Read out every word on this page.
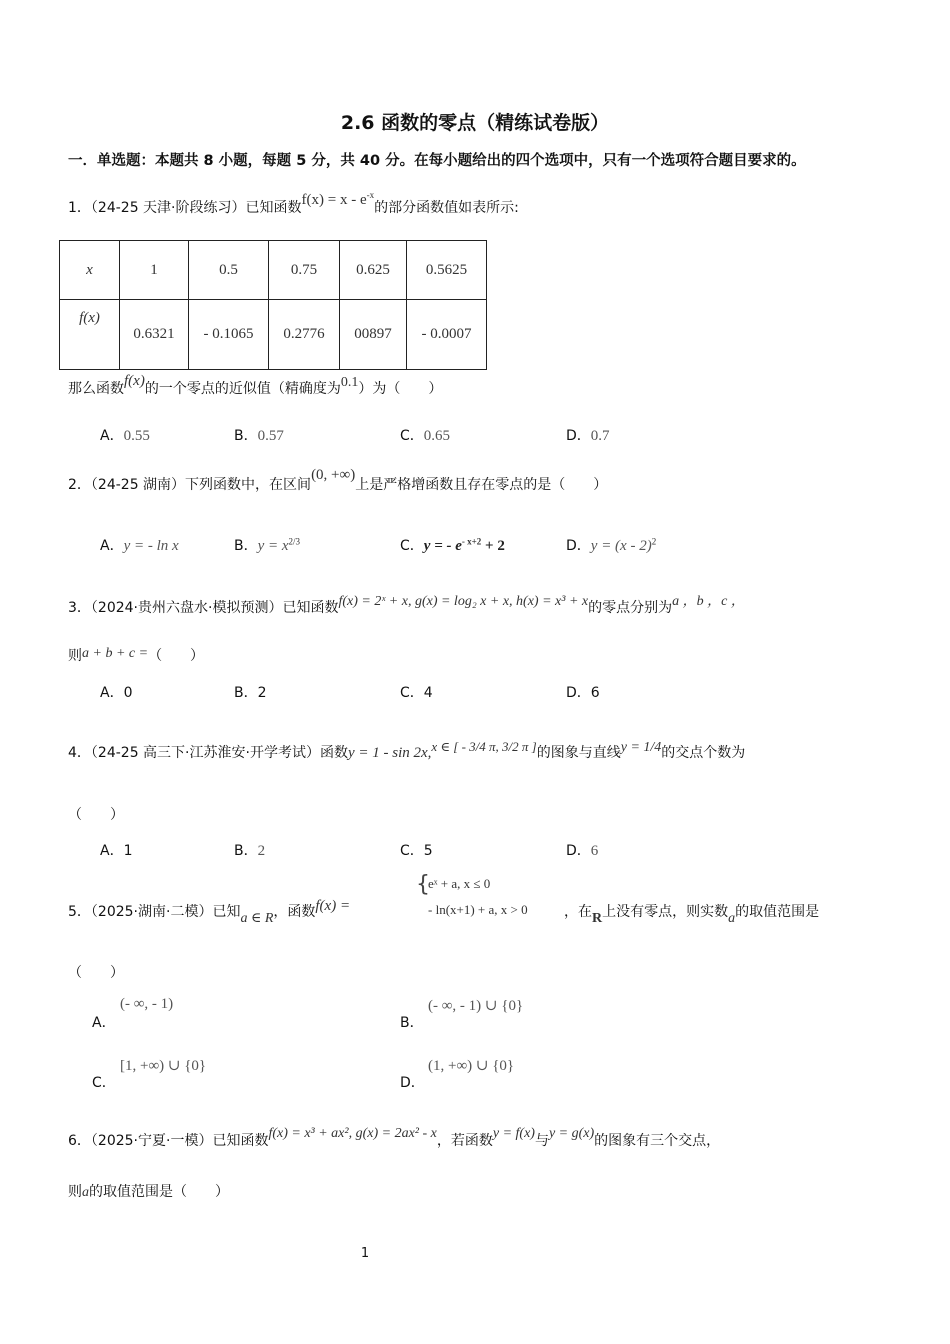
2.6 函数的零点（精练试卷版）
一．单选题：本题共 8 小题，每题 5 分，共 40 分。在每小题给出的四个选项中，只有一个选项符合题目要求的。
1．（24-25 天津·阶段练习）已知函数$f(x) = x - e^{-x}$的部分函数值如表所示:
x	1	0.5	0.75	0.625	0.5625
f(x)	0.6321	- 0.1065	0.2776	00897	- 0.0007
那么函数f(x)的一个零点的近似值（精确度为0.1）为（　　）
A．0.55	B．0.57	C．0.65	D．0.7
2．（24-25 湖南）下列函数中，在区间(0, +∞)上是严格增函数且存在零点的是（　　）
A．y = - ln x	B．$y = x^{2/3}$	C．y = - $e^{- x+2} + 2$	D．y = (x - 2)$^2$
3．（2024·贵州六盘水·模拟预测）已知函数f(x) = 2ˣ + x, g(x) = log₂ x + x, h(x) = x³ + x的零点分别为a ，b ，c ，
则a + b + c =（　　）
A．0	B．2	C．4	D．6
4．（24-25 高三下·江苏淮安·开学考试）函数y = 1 - sin 2x,x ∈ [ - 3/4 π, 3/2 π ]的图象与直线y = 1/4的交点个数为
（　　）
A．1	B．2	C．5	D．6
5．（2025·湖南·二模）已知a ∈ R，函数f(x) =
{
eˣ + a, x ≤ 0
- ln(x+1) + a, x > 0	，在R上没有零点，则实数a的取值范围是
（　　）
A．
(- ∞, - 1)
B．
(- ∞, - 1) ∪ {0}
C．
[1, +∞) ∪ {0}
D．
(1, +∞) ∪ {0}
6．（2025·宁夏·一模）已知函数f(x) = x³ + ax², g(x) = 2ax² - x，若函数y = f(x)与y = g(x)的图象有三个交点，
则a的取值范围是（　　）
1
